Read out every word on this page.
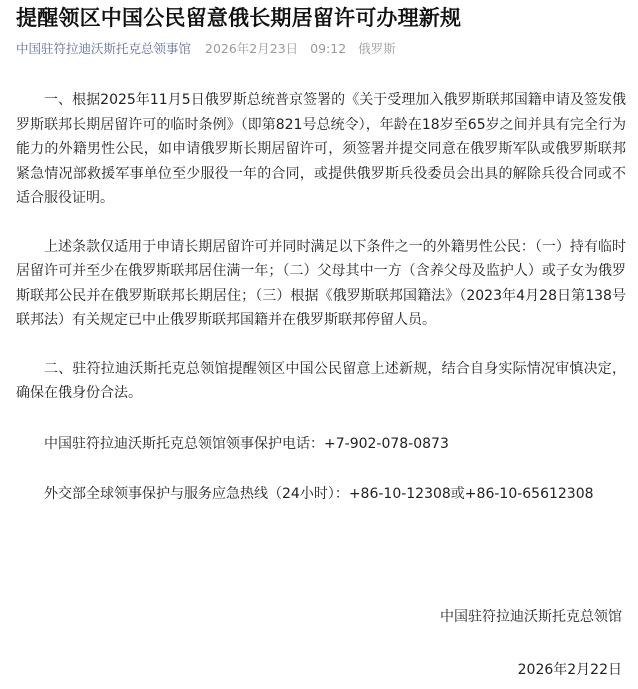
提醒领区中国公民留意俄长期居留许可办理新规
中国驻符拉迪沃斯托克总领事馆 2026年2月23日 09:12 俄罗斯

一、根据2025年11月5日俄罗斯总统普京签署的《关于受理加入俄罗斯联邦国籍申请及签发俄罗斯联邦长期居留许可的临时条例》（即第821号总统令），年龄在18岁至65岁之间并具有完全行为能力的外籍男性公民，如申请俄罗斯长期居留许可，须签署并提交同意在俄罗斯军队或俄罗斯联邦紧急情况部救援军事单位至少服役一年的合同，或提供俄罗斯兵役委员会出具的解除兵役合同或不适合服役证明。

上述条款仅适用于申请长期居留许可并同时满足以下条件之一的外籍男性公民：（一）持有临时居留许可并至少在俄罗斯联邦居住满一年；（二）父母其中一方（含养父母及监护人）或子女为俄罗斯联邦公民并在俄罗斯联邦长期居住；（三）根据《俄罗斯联邦国籍法》（2023年4月28日第138号联邦法）有关规定已中止俄罗斯联邦国籍并在俄罗斯联邦停留人员。

二、驻符拉迪沃斯托克总领馆提醒领区中国公民留意上述新规，结合自身实际情况审慎决定，确保在俄身份合法。

中国驻符拉迪沃斯托克总领馆领事保护电话：+7-902-078-0873

外交部全球领事保护与服务应急热线（24小时）：+86-10-12308或+86-10-65612308

中国驻符拉迪沃斯托克总领馆
2026年2月22日
